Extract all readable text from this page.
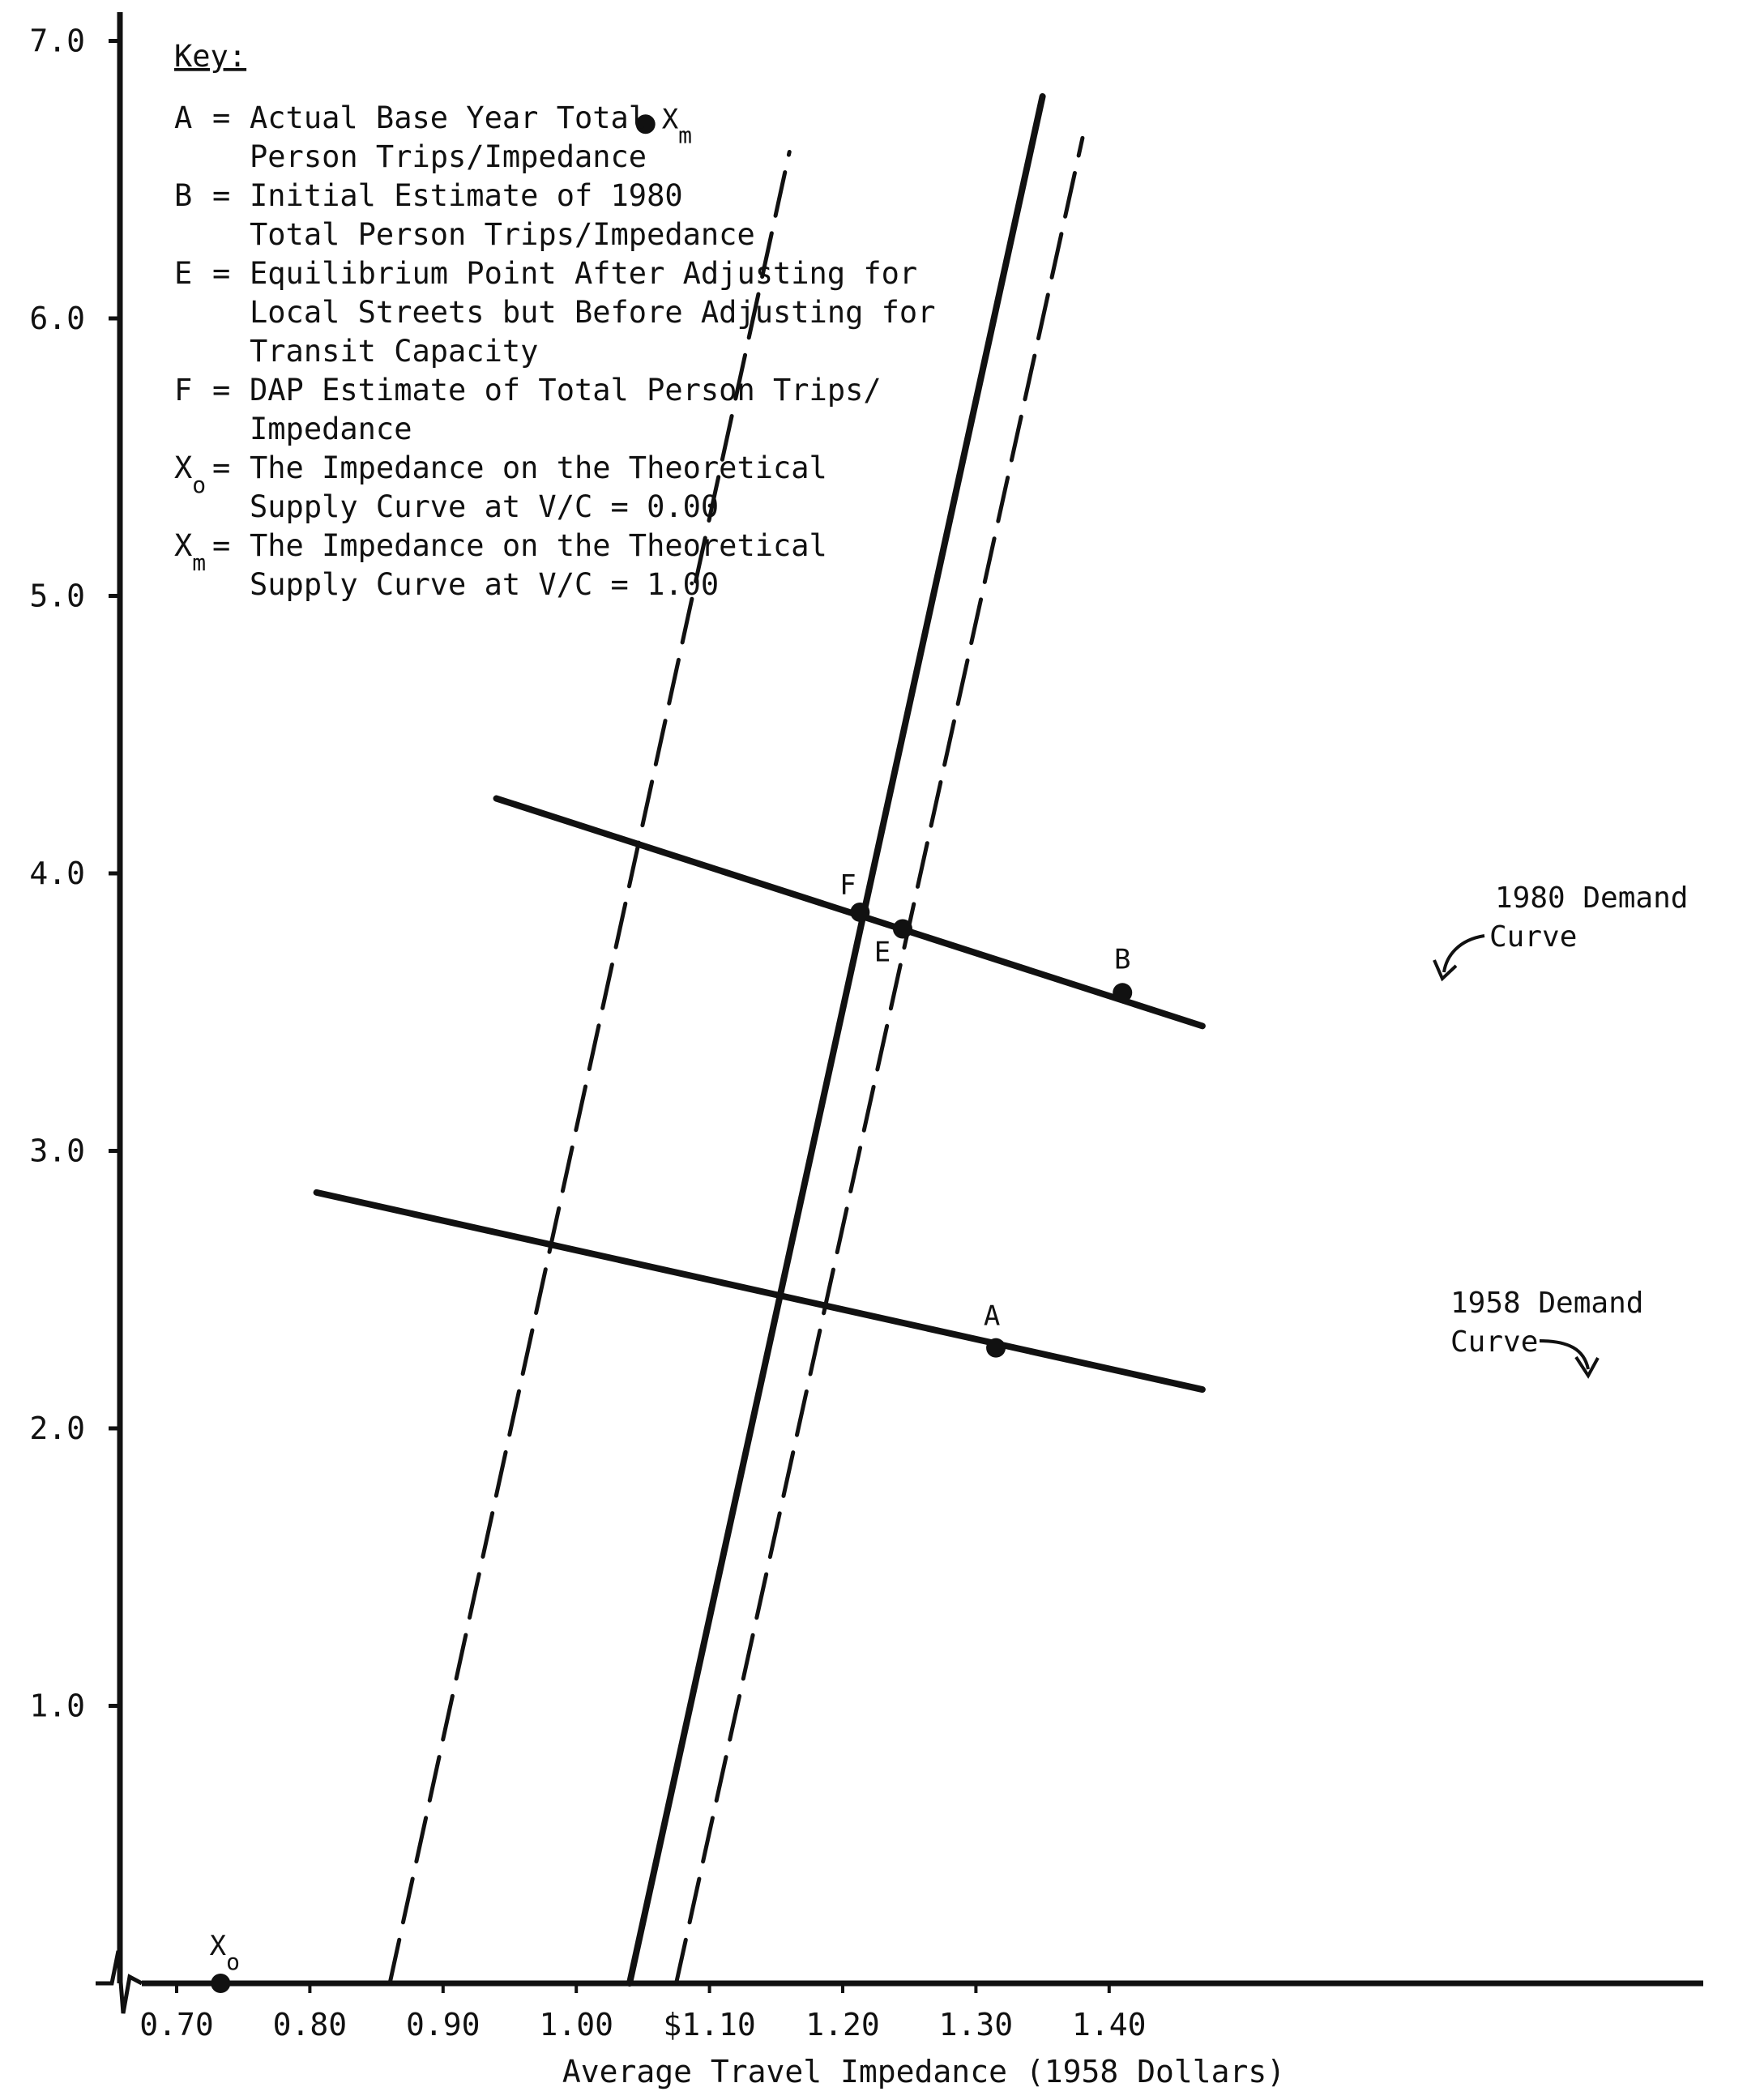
1.0
2.0
3.0
4.0
5.0
6.0
7.0
0.70 0.80 0.90 1.00 $1.10 1.20 1.30 1.40
A
B
E
F
$X_o$
$X_m$
1980 Demand
Curve
1958 Demand
Curve
Key:
A = Actual Base Year Total
Person Trips/Impedance
B = Initial Estimate of 1980
Total Person Trips/Impedance
E = Equilibrium Point After Adjusting for
Local Streets but Before Adjusting for
Transit Capacity
F = DAP Estimate of Total Person Trips/
Impedance
$X_o$ = The Impedance on the Theoretical
Supply Curve at V/C = 0.00
$X_m$ = The Impedance on the Theoretical
Supply Curve at V/C = 1.00
Average Travel Impedance (1958 Dollars)
